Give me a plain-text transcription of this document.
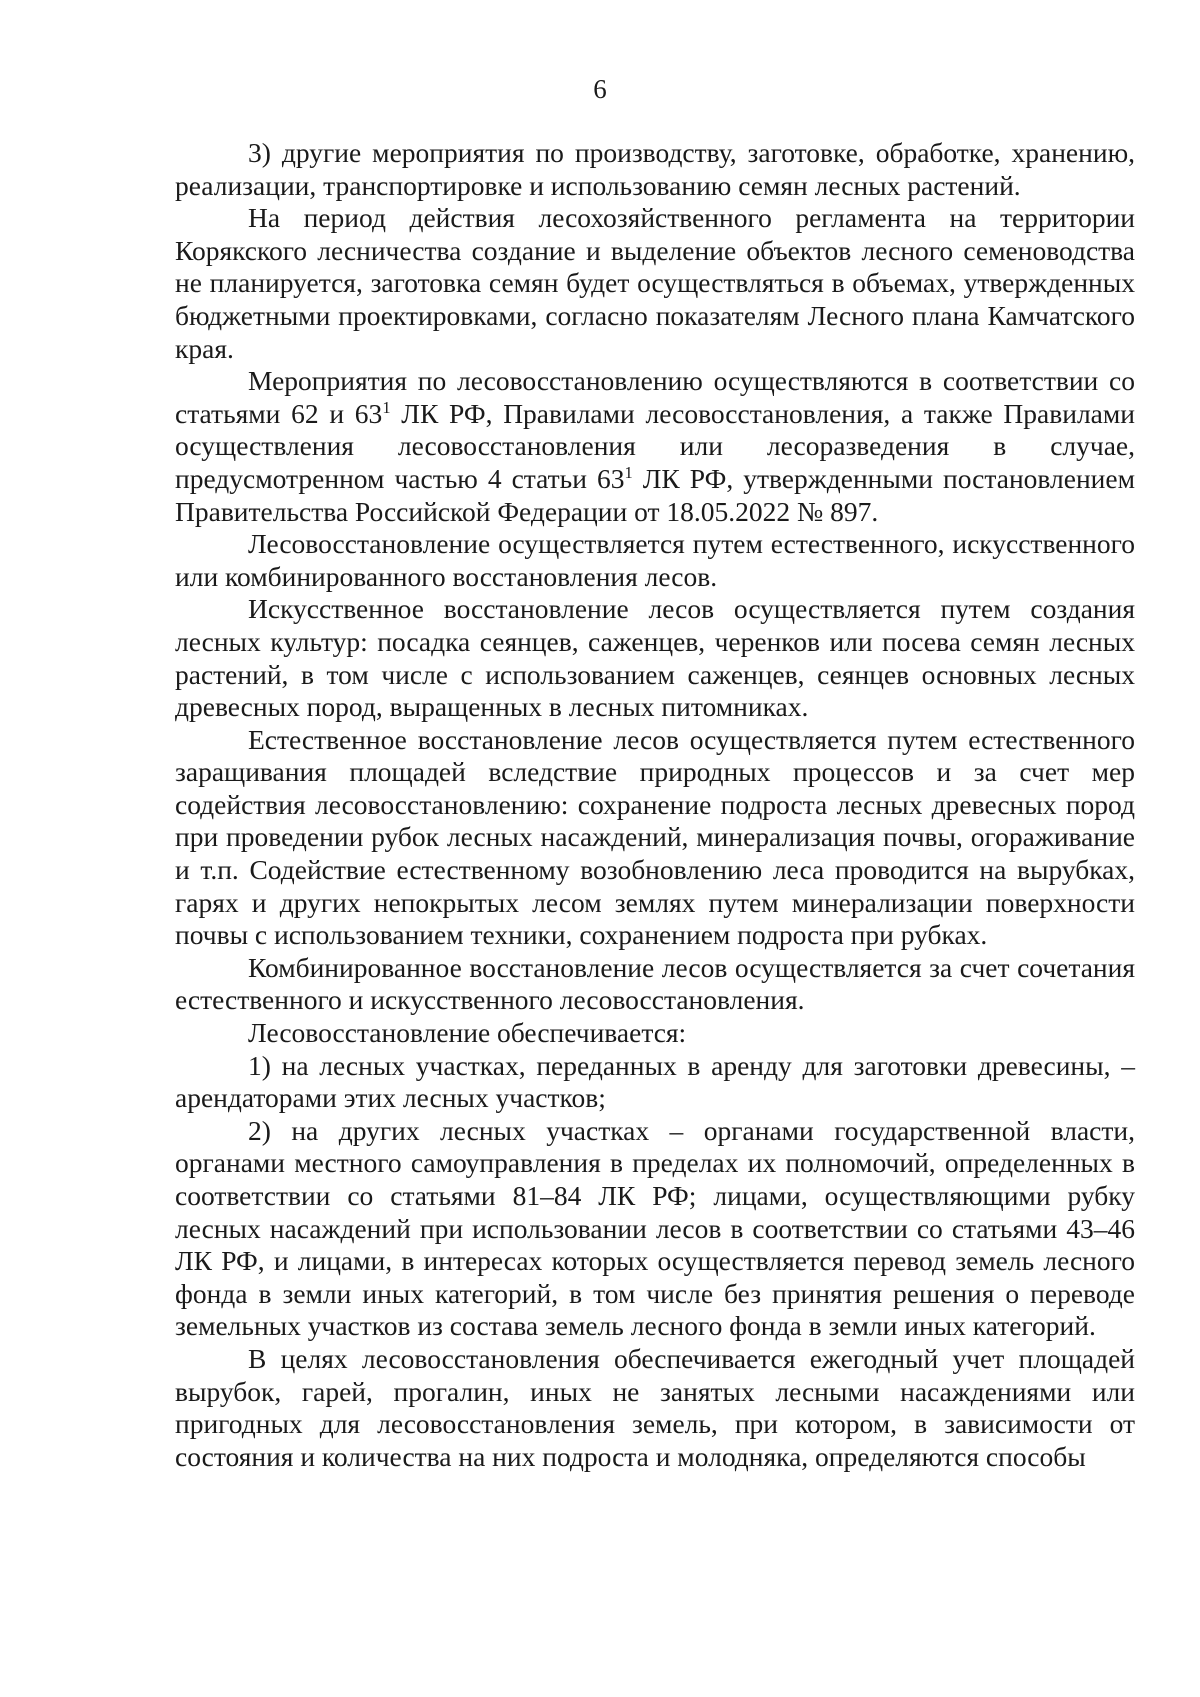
6

3) другие мероприятия по производству, заготовке, обработке, хранению, реализации, транспортировке и использованию семян лесных растений.

На период действия лесохозяйственного регламента на территории Корякского лесничества создание и выделение объектов лесного семеноводства не планируется, заготовка семян будет осуществляться в объемах, утвержденных бюджетными проектировками, согласно показателям Лесного плана Камчатского края.

Мероприятия по лесовосстановлению осуществляются в соответствии со статьями 62 и $63^1$ ЛК РФ, Правилами лесовосстановления, а также Правилами осуществления лесовосстановления или лесоразведения в случае, предусмотренном частью 4 статьи $63^1$ ЛК РФ, утвержденными постановлением Правительства Российской Федерации от 18.05.2022 № 897.

Лесовосстановление осуществляется путем естественного, искусственного или комбинированного восстановления лесов.

Искусственное восстановление лесов осуществляется путем создания лесных культур: посадка сеянцев, саженцев, черенков или посева семян лесных растений, в том числе с использованием саженцев, сеянцев основных лесных древесных пород, выращенных в лесных питомниках.

Естественное восстановление лесов осуществляется путем естественного заращивания площадей вследствие природных процессов и за счет мер содействия лесовосстановлению: сохранение подроста лесных древесных пород при проведении рубок лесных насаждений, минерализация почвы, огораживание и т.п. Содействие естественному возобновлению леса проводится на вырубках, гарях и других непокрытых лесом землях путем минерализации поверхности почвы с использованием техники, сохранением подроста при рубках.

Комбинированное восстановление лесов осуществляется за счет сочетания естественного и искусственного лесовосстановления.

Лесовосстановление обеспечивается:

1) на лесных участках, переданных в аренду для заготовки древесины, – арендаторами этих лесных участков;

2) на других лесных участках – органами государственной власти, органами местного самоуправления в пределах их полномочий, определенных в соответствии со статьями 81–84 ЛК РФ; лицами, осуществляющими рубку лесных насаждений при использовании лесов в соответствии со статьями 43–46 ЛК РФ, и лицами, в интересах которых осуществляется перевод земель лесного фонда в земли иных категорий, в том числе без принятия решения о переводе земельных участков из состава земель лесного фонда в земли иных категорий.

В целях лесовосстановления обеспечивается ежегодный учет площадей вырубок, гарей, прогалин, иных не занятых лесными насаждениями или пригодных для лесовосстановления земель, при котором, в зависимости от состояния и количества на них подроста и молодняка, определяются способы
